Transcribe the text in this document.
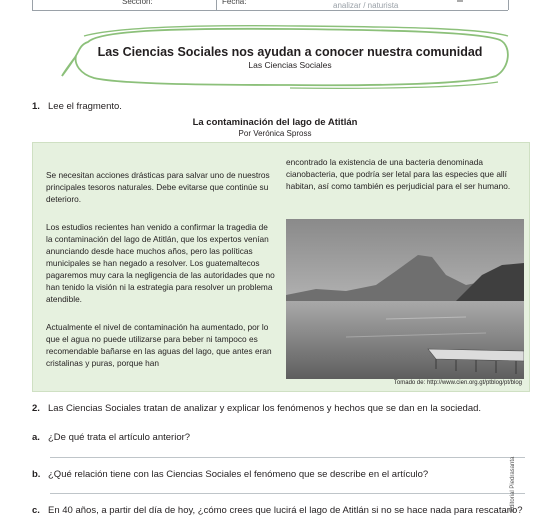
Sección:	Fecha:	analizar / naturista
Las Ciencias Sociales nos ayudan a conocer nuestra comunidad
Las Ciencias Sociales
1. Lee el fragmento.
La contaminación del lago de Atitlán
Por Verónica Spross
Se necesitan acciones drásticas para salvar uno de nuestros principales tesoros naturales. Debe evitarse que continúe su deterioro.
Los estudios recientes han venido a confirmar la tragedia de la contaminación del lago de Atitlán, que los expertos venían anunciando desde hace muchos años, pero las políticas municipales se han negado a resolver. Los guatemaltecos pagaremos muy cara la negligencia de las autoridades que no han tenido la visión ni la estrategia para resolver un problema atendible.
Actualmente el nivel de contaminación ha aumentado, por lo que el agua no puede utilizarse para beber ni tampoco es recomendable bañarse en las aguas del lago, que antes eran cristalinas y puras, porque han
encontrado la existencia de una bacteria denominada cianobacteria, que podría ser letal para las especies que allí habitan, así como también es perjudicial para el ser humano.
Tomado de: http://www.cien.org.gt/ptblog/pt/blog
2. Las Ciencias Sociales tratan de analizar y explicar los fenómenos y hechos que se dan en la sociedad.
a. ¿De qué trata el artículo anterior?
b. ¿Qué relación tiene con las Ciencias Sociales el fenómeno que se describe en el artículo?
c. En 40 años, a partir del día de hoy, ¿cómo crees que lucirá el lago de Atitlán si no se hace nada para rescatarlo?
Editorial Piedrasanta
